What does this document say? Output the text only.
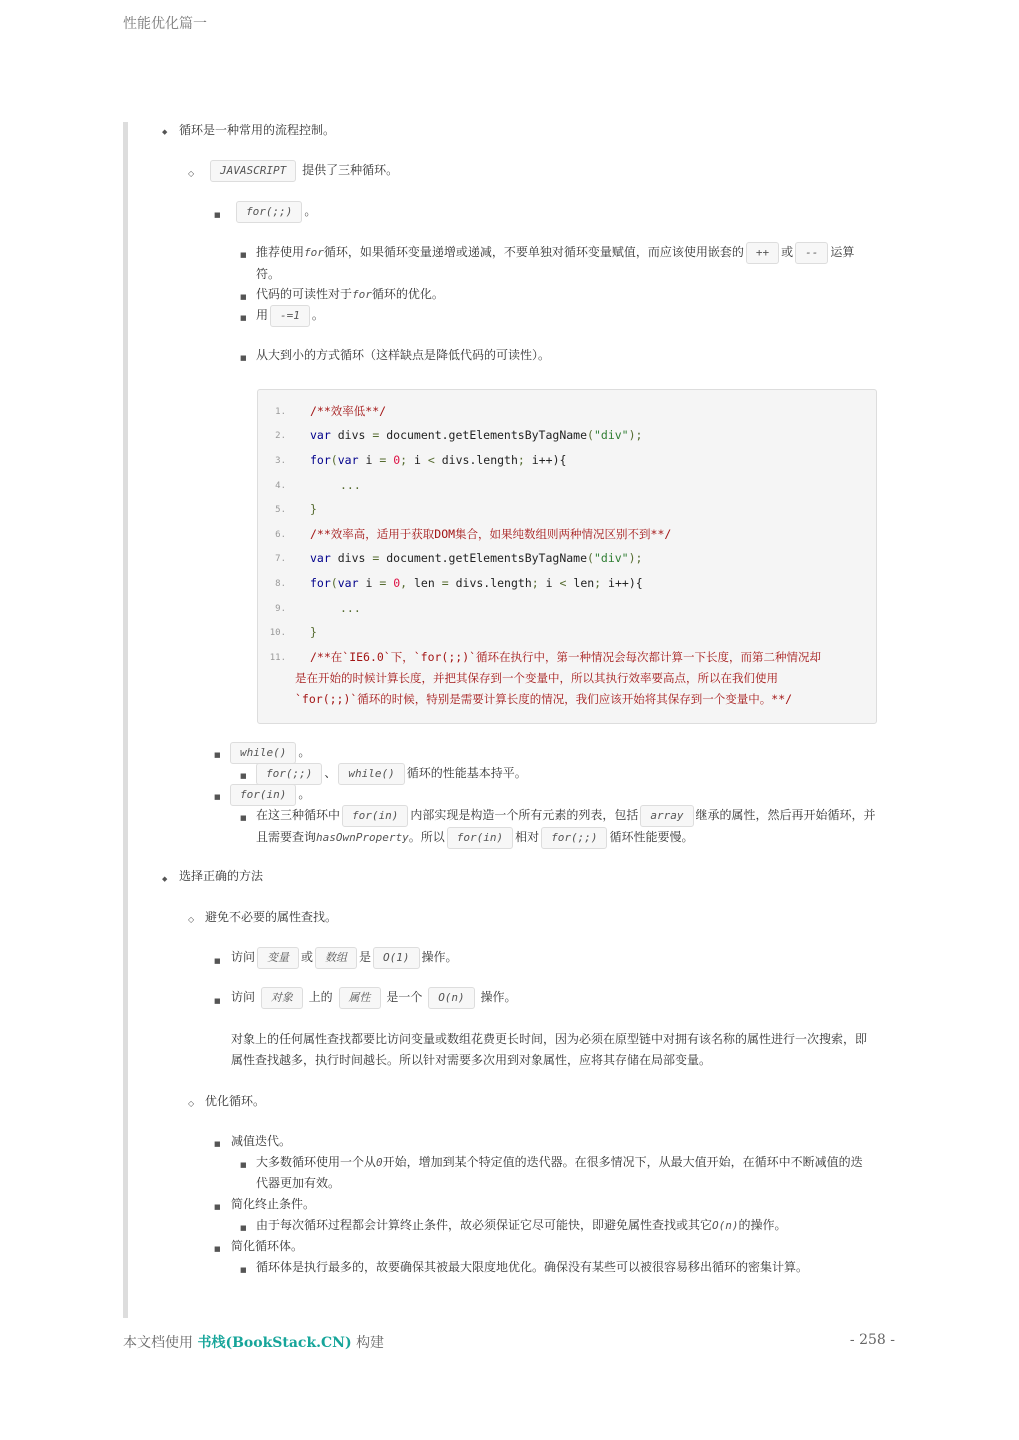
性能优化篇一
◆
循环是一种常用的流程控制。
◇
JAVASCRIPT 提供了三种循环。
■
for(;;) 。
■
推荐使用for循环，如果循环变量递增或递减，不要单独对循环变量赋值，而应该使用嵌套的 ++ 或 -- 运算符。
■
代码的可读性对于for循环的优化。
■
用 -=1 。
■
从大到小的方式循环（这样缺点是降低代码的可读性）。
1. /**效率低**/
2. var divs = document.getElementsByTagName("div");
3. for(var i = 0; i < divs.length; i++){
4.	...
5. }
6. /**效率高，适用于获取DOM集合，如果纯数组则两种情况区别不到**/
7. var divs = document.getElementsByTagName("div");
8. for(var i = 0, len = divs.length; i < len; i++){
9.	...
10. }
11. /**在`IE6.0`下，`for(;;)`循环在执行中，第一种情况会每次都计算一下长度，而第二种情况却
是在开始的时候计算长度，并把其保存到一个变量中，所以其执行效率要高点，所以在我们使用
`for(;;)`循环的时候，特别是需要计算长度的情况，我们应该开始将其保存到一个变量中。**/
■
while() 。
■
for(;;) 、 while() 循环的性能基本持平。
■
for(in) 。
■
在这三种循环中 for(in) 内部实现是构造一个所有元素的列表，包括 array 继承的属性，然后再开始循环，并且需要查询hasOwnProperty。所以 for(in) 相对 for(;;) 循环性能要慢。
◆
选择正确的方法
◇
避免不必要的属性查找。
■
访问 变量 或 数组 是 O(1) 操作。
■
访问 对象 上的 属性 是一个 O(n) 操作。
对象上的任何属性查找都要比访问变量或数组花费更长时间，因为必须在原型链中对拥有该名称的属性进行一次搜索，即属性查找越多，执行时间越长。所以针对需要多次用到对象属性，应将其存储在局部变量。
◇
优化循环。
■
减值迭代。
■
大多数循环使用一个从0开始，增加到某个特定值的迭代器。在很多情况下，从最大值开始，在循环中不断减值的迭代器更加有效。
■
简化终止条件。
■
由于每次循环过程都会计算终止条件，故必须保证它尽可能快，即避免属性查找或其它O(n)的操作。
■
简化循环体。
■
循环体是执行最多的，故要确保其被最大限度地优化。确保没有某些可以被很容易移出循环的密集计算。
本文档使用 书栈(BookStack.CN) 构建	- 258 -
